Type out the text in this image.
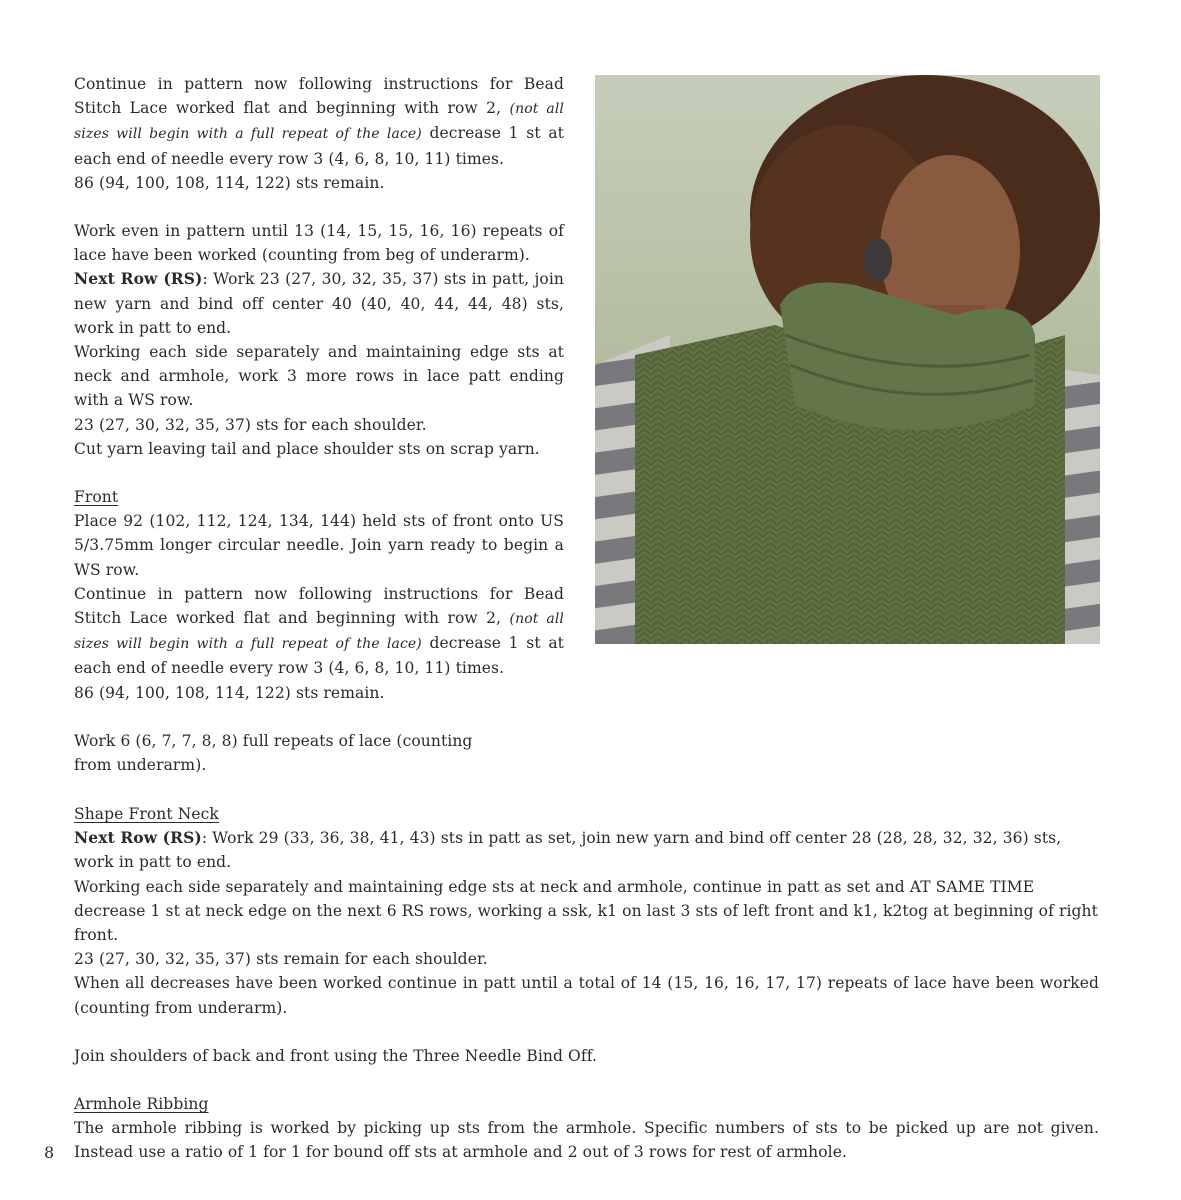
Continue in pattern now following instructions for Bead Stitch Lace worked flat and beginning with row 2, (not all sizes will begin with a full repeat of the lace) decrease 1 st at each end of needle every row 3 (4, 6, 8, 10, 11) times.

86 (94, 100, 108, 114, 122) sts remain.

Work even in pattern until 13 (14, 15, 15, 16, 16) repeats of lace have been worked (counting from beg of underarm).

Next Row (RS): Work 23 (27, 30, 32, 35, 37) sts in patt, join new yarn and bind off center 40 (40, 40, 44, 44, 48) sts, work in patt to end.

Working each side separately and maintaining edge sts at neck and armhole, work 3 more rows in lace patt ending with a WS row.

23 (27, 30, 32, 35, 37) sts for each shoulder.

Cut yarn leaving tail and place shoulder sts on scrap yarn.

Front

Place 92 (102, 112, 124, 134, 144) held sts of front onto US 5/3.75mm longer circular needle. Join yarn ready to begin a WS row.

Continue in pattern now following instructions for Bead Stitch Lace worked flat and beginning with row 2, (not all sizes will begin with a full repeat of the lace) decrease 1 st at each end of needle every row 3 (4, 6, 8, 10, 11) times.

86 (94, 100, 108, 114, 122) sts remain.

Work 6 (6, 7, 7, 8, 8) full repeats of lace (counting from underarm).

Shape Front Neck

Next Row (RS): Work 29 (33, 36, 38, 41, 43) sts in patt as set, join new yarn and bind off center 28 (28, 28, 32, 32, 36) sts, work in patt to end.

Working each side separately and maintaining edge sts at neck and armhole, continue in patt as set and AT SAME TIME decrease 1 st at neck edge on the next 6 RS rows, working a ssk, k1 on last 3 sts of left front and k1, k2tog at beginning of right front.

23 (27, 30, 32, 35, 37) sts remain for each shoulder.

When all decreases have been worked continue in patt until a total of 14 (15, 16, 16, 17, 17) repeats of lace have been worked (counting from underarm).

Join shoulders of back and front using the Three Needle Bind Off.

Armhole Ribbing

The armhole ribbing is worked by picking up sts from the armhole. Specific numbers of sts to be picked up are not given. Instead use a ratio of 1 for 1 for bound off sts at armhole and 2 out of 3 rows for rest of armhole.

8
